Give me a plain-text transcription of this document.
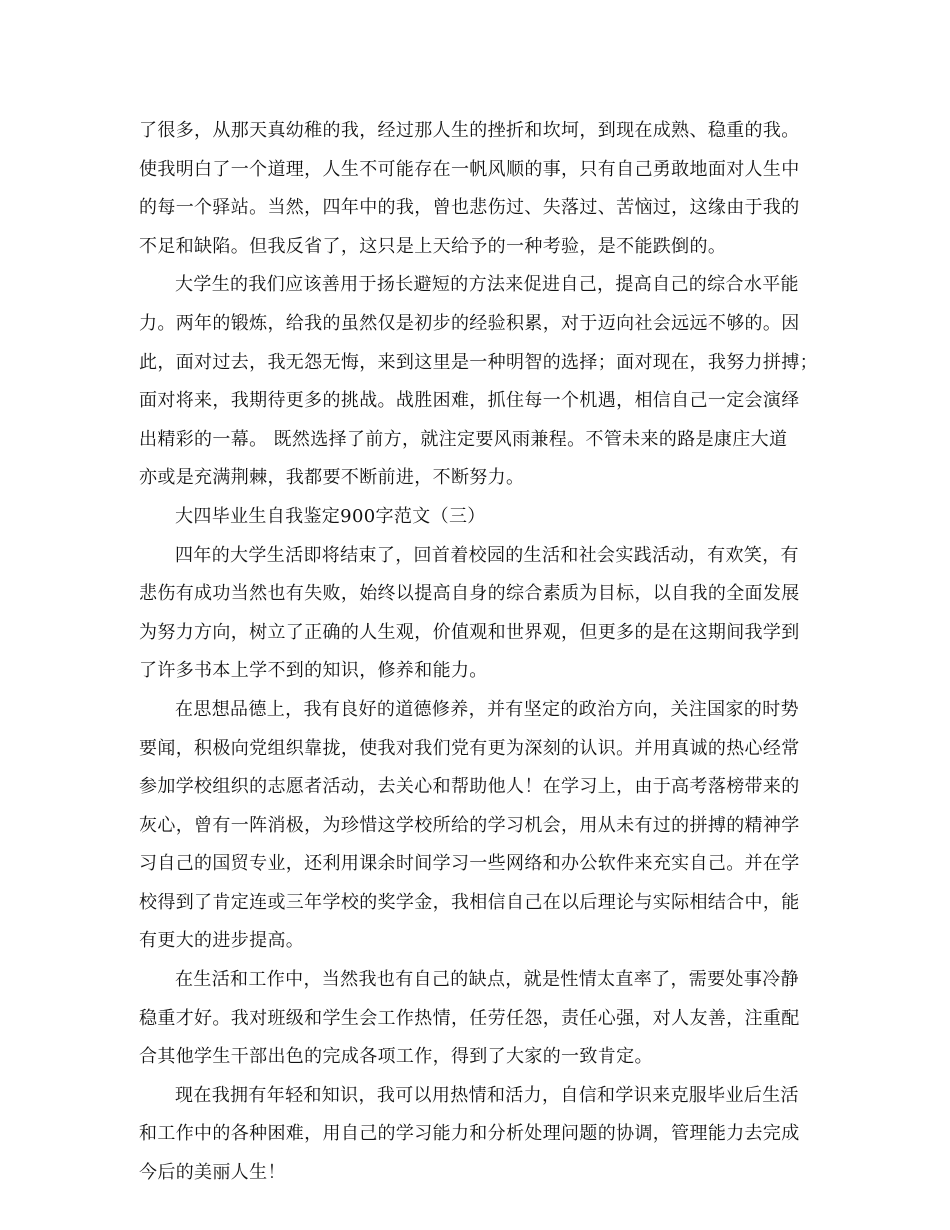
了很多，从那天真幼稚的我，经过那人生的挫折和坎坷，到现在成熟、稳重的我。
使我明白了一个道理，人生不可能存在一帆风顺的事，只有自己勇敢地面对人生中
的每一个驿站。当然，四年中的我，曾也悲伤过、失落过、苦恼过，这缘由于我的
不足和缺陷。但我反省了，这只是上天给予的一种考验，是不能跌倒的。
大学生的我们应该善用于扬长避短的方法来促进自己，提高自己的综合水平能
力。两年的锻炼，给我的虽然仅是初步的经验积累，对于迈向社会远远不够的。因
此，面对过去，我无怨无悔，来到这里是一种明智的选择；面对现在，我努力拼搏；
面对将来，我期待更多的挑战。战胜困难，抓住每一个机遇，相信自己一定会演绎
出精彩的一幕。 既然选择了前方，就注定要风雨兼程。不管未来的路是康庄大道
亦或是充满荆棘，我都要不断前进，不断努力。
大四毕业生自我鉴定900字范文（三）
四年的大学生活即将结束了，回首着校园的生活和社会实践活动，有欢笑，有
悲伤有成功当然也有失败，始终以提高自身的综合素质为目标，以自我的全面发展
为努力方向，树立了正确的人生观，价值观和世界观，但更多的是在这期间我学到
了许多书本上学不到的知识，修养和能力。
在思想品德上，我有良好的道德修养，并有坚定的政治方向，关注国家的时势
要闻，积极向党组织靠拢，使我对我们党有更为深刻的认识。并用真诚的热心经常
参加学校组织的志愿者活动，去关心和帮助他人！在学习上，由于高考落榜带来的
灰心，曾有一阵消极，为珍惜这学校所给的学习机会，用从未有过的拼搏的精神学
习自己的国贸专业，还利用课余时间学习一些网络和办公软件来充实自己。并在学
校得到了肯定连或三年学校的奖学金，我相信自己在以后理论与实际相结合中，能
有更大的进步提高。
在生活和工作中，当然我也有自己的缺点，就是性情太直率了，需要处事冷静
稳重才好。我对班级和学生会工作热情，任劳任怨，责任心强，对人友善，注重配
合其他学生干部出色的完成各项工作，得到了大家的一致肯定。
现在我拥有年轻和知识，我可以用热情和活力，自信和学识来克服毕业后生活
和工作中的各种困难，用自己的学习能力和分析处理问题的协调，管理能力去完成
今后的美丽人生！
